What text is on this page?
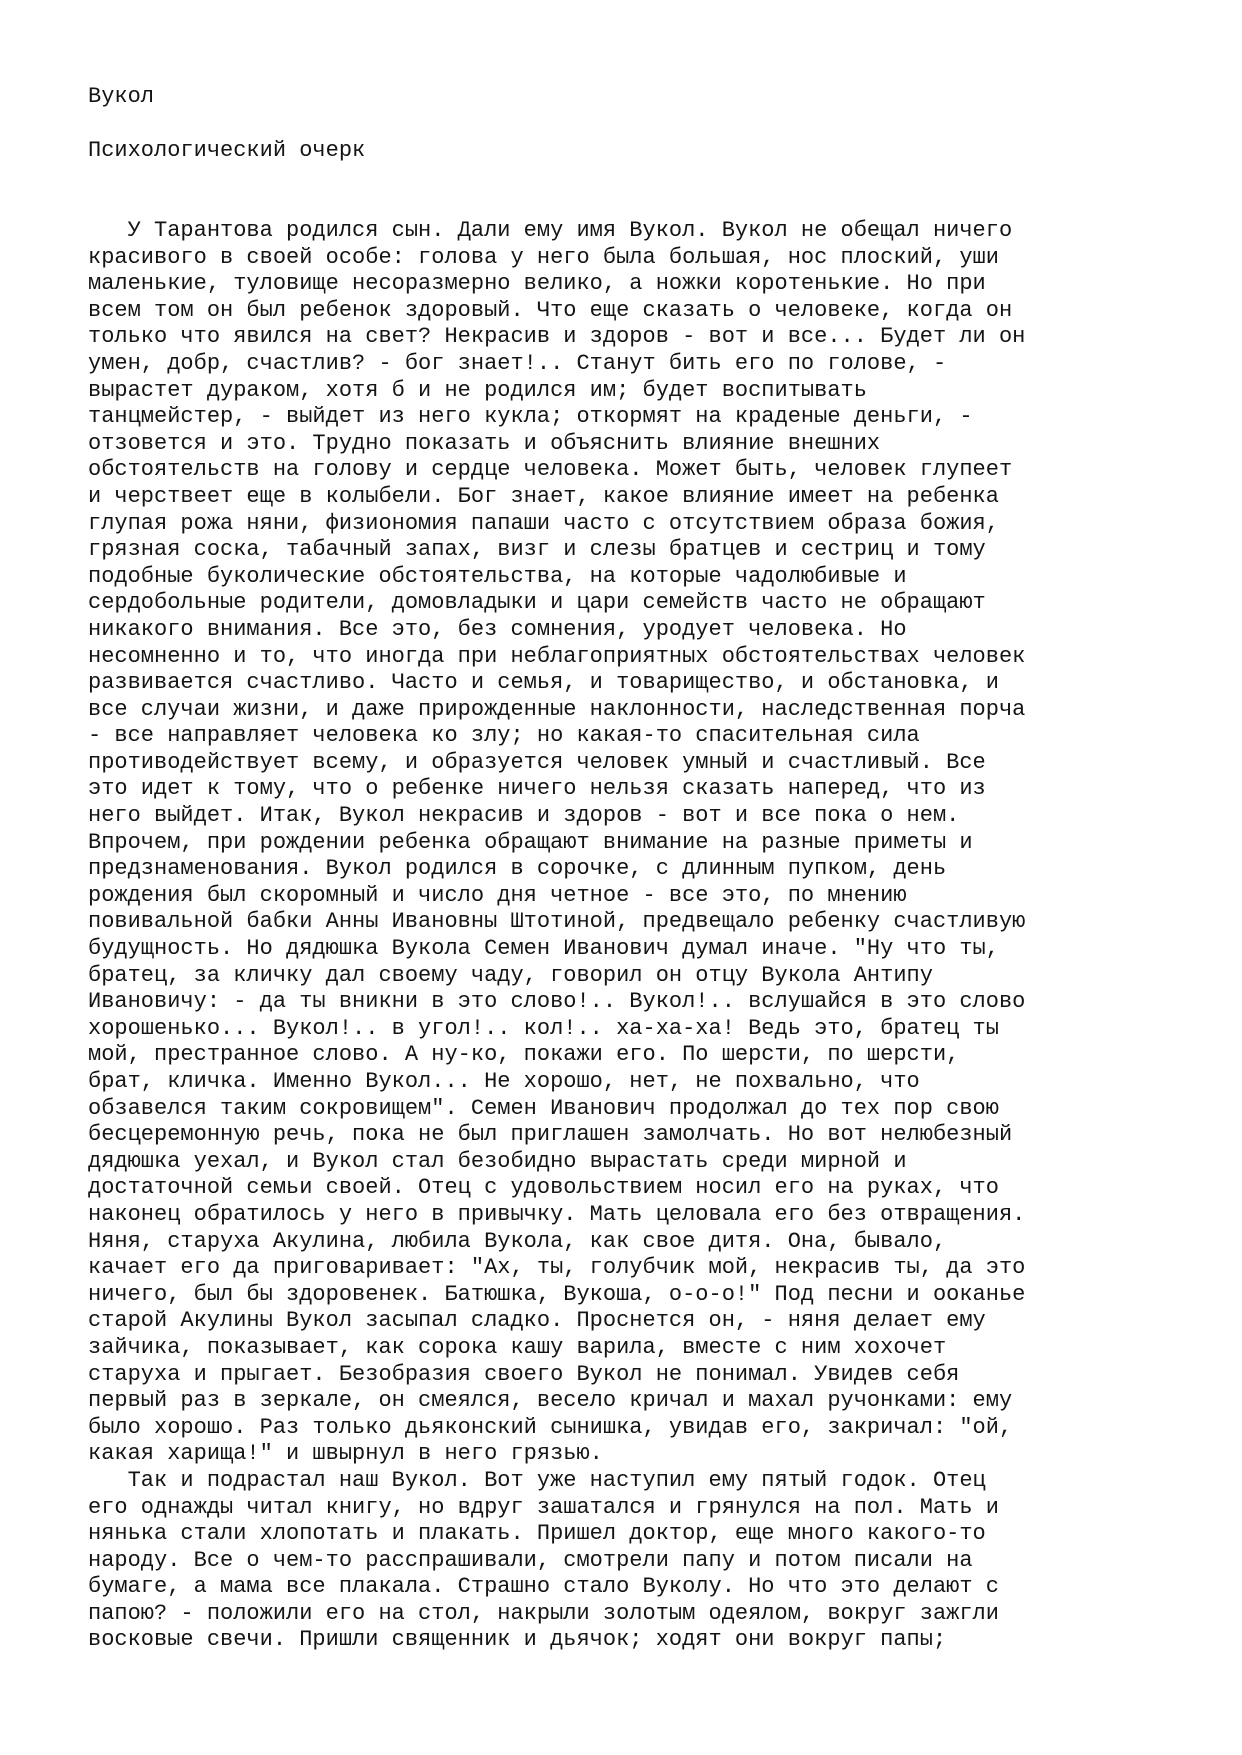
Вукол
Психологический очерк
У Тарантова родился сын. Дали ему имя Вукол. Вукол не обещал ничего
красивого в своей особе: голова у него была большая, нос плоский, уши
маленькие, туловище несоразмерно велико, а ножки коротенькие. Но при
всем том он был ребенок здоровый. Что еще сказать о человеке, когда он
только что явился на свет? Некрасив и здоров - вот и все... Будет ли он
умен, добр, счастлив? - бог знает!.. Станут бить его по голове, -
вырастет дураком, хотя б и не родился им; будет воспитывать
танцмейстер, - выйдет из него кукла; откормят на краденые деньги, -
отзовется и это. Трудно показать и объяснить влияние внешних
обстоятельств на голову и сердце человека. Может быть, человек глупеет
и черствеет еще в колыбели. Бог знает, какое влияние имеет на ребенка
глупая рожа няни, физиономия папаши часто с отсутствием образа божия,
грязная соска, табачный запах, визг и слезы братцев и сестриц и тому
подобные буколические обстоятельства, на которые чадолюбивые и
сердобольные родители, домовладыки и цари семейств часто не обращают
никакого внимания. Все это, без сомнения, уродует человека. Но
несомненно и то, что иногда при неблагоприятных обстоятельствах человек
развивается счастливо. Часто и семья, и товарищество, и обстановка, и
все случаи жизни, и даже прирожденные наклонности, наследственная порча
- все направляет человека ко злу; но какая-то спасительная сила
противодействует всему, и образуется человек умный и счастливый. Все
это идет к тому, что о ребенке ничего нельзя сказать наперед, что из
него выйдет. Итак, Вукол некрасив и здоров - вот и все пока о нем.
Впрочем, при рождении ребенка обращают внимание на разные приметы и
предзнаменования. Вукол родился в сорочке, с длинным пупком, день
рождения был скоромный и число дня четное - все это, по мнению
повивальной бабки Анны Ивановны Штотиной, предвещало ребенку счастливую
будущность. Но дядюшка Вукола Семен Иванович думал иначе. "Ну что ты,
братец, за кличку дал своему чаду, говорил он отцу Вукола Антипу
Ивановичу: - да ты вникни в это слово!.. Вукол!.. вслушайся в это слово
хорошенько... Вукол!.. в угол!.. кол!.. ха-ха-ха! Ведь это, братец ты
мой, престранное слово. А ну-ко, покажи его. По шерсти, по шерсти,
брат, кличка. Именно Вукол... Не хорошо, нет, не похвально, что
обзавелся таким сокровищем". Семен Иванович продолжал до тех пор свою
бесцеремонную речь, пока не был приглашен замолчать. Но вот нелюбезный
дядюшка уехал, и Вукол стал безобидно вырастать среди мирной и
достаточной семьи своей. Отец с удовольствием носил его на руках, что
наконец обратилось у него в привычку. Мать целовала его без отвращения.
Няня, старуха Акулина, любила Вукола, как свое дитя. Она, бывало,
качает его да приговаривает: "Ах, ты, голубчик мой, некрасив ты, да это
ничего, был бы здоровенек. Батюшка, Вукоша, о-о-о!" Под песни и ооканье
старой Акулины Вукол засыпал сладко. Проснется он, - няня делает ему
зайчика, показывает, как сорока кашу варила, вместе с ним хохочет
старуха и прыгает. Безобразия своего Вукол не понимал. Увидев себя
первый раз в зеркале, он смеялся, весело кричал и махал ручонками: ему
было хорошо. Раз только дьяконский сынишка, увидав его, закричал: "ой,
какая харища!" и швырнул в него грязью.
Так и подрастал наш Вукол. Вот уже наступил ему пятый годок. Отец
его однажды читал книгу, но вдруг зашатался и грянулся на пол. Мать и
нянька стали хлопотать и плакать. Пришел доктор, еще много какого-то
народу. Все о чем-то расспрашивали, смотрели папу и потом писали на
бумаге, а мама все плакала. Страшно стало Вуколу. Но что это делают с
папою? - положили его на стол, накрыли золотым одеялом, вокруг зажгли
восковые свечи. Пришли священник и дьячок; ходят они вокруг папы;
